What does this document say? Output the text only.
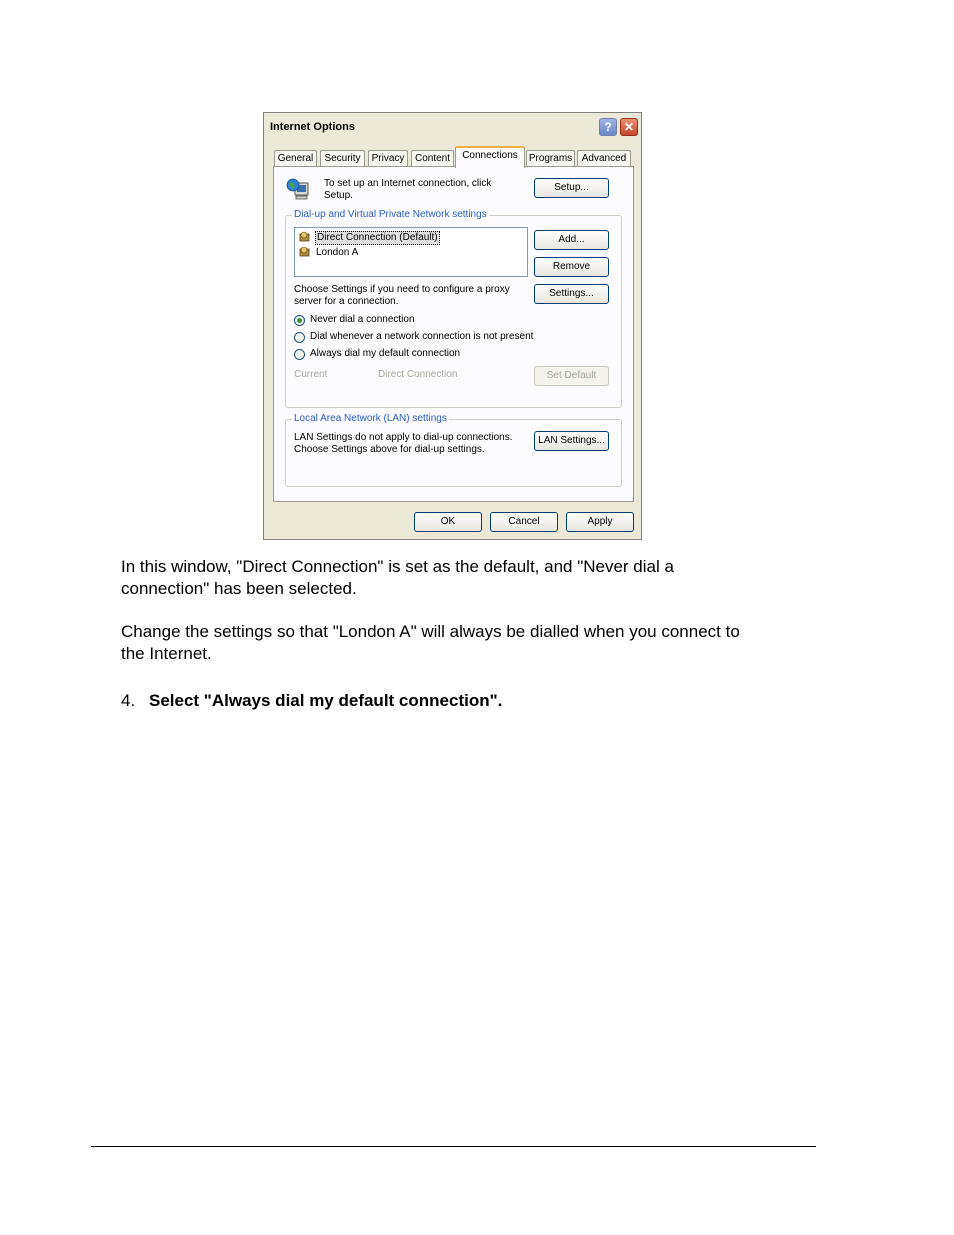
Internet Options	?	✕
General	Security	Privacy	Content	Connections	Programs Advanced
To set up an Internet connection, click Setup.
Setup...
Dial-up and Virtual Private Network settings
Direct Connection (Default)
London A
Add...
Remove
Choose Settings if you need to configure a proxy server for a connection.
Settings...
Never dial a connection
Dial whenever a network connection is not present
Always dial my default connection
Current	Direct Connection	Set Default
Local Area Network (LAN) settings
LAN Settings do not apply to dial-up connections.
Choose Settings above for dial-up settings.
LAN Settings...
OK	Cancel	Apply
In this window, "Direct Connection" is set as the default, and "Never dial a
connection" has been selected.
Change the settings so that "London A" will always be dialled when you connect to
the Internet.
4. Select "Always dial my default connection".
